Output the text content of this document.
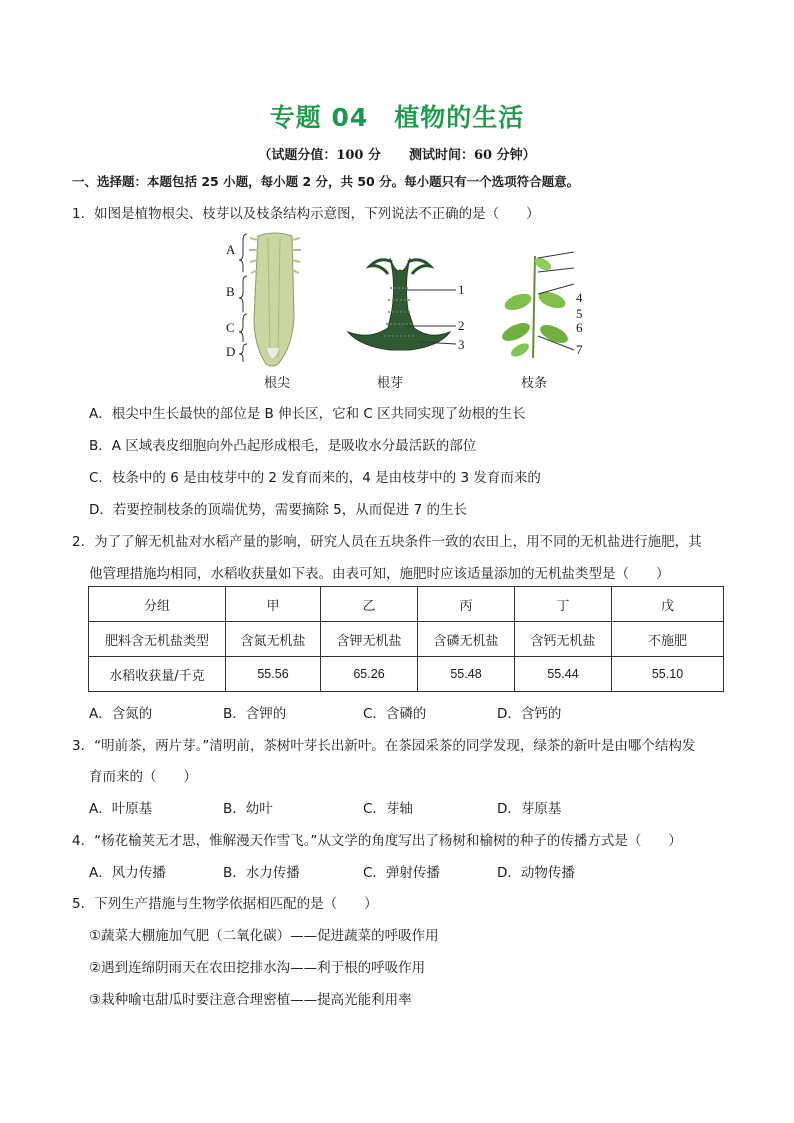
专题 04 植物的生活
（试题分值：100 分 测试时间：60 分钟）
一、选择题：本题包括 25 小题，每小题 2 分，共 50 分。每小题只有一个选项符合题意。
1．如图是植物根尖、枝芽以及枝条结构示意图，下列说法不正确的是（　　）
A
B
C
D
1
2
3
4
5
6
7
根尖	根芽	枝条
A．根尖中生长最快的部位是 B 伸长区，它和 C 区共同实现了幼根的生长
B．A 区域表皮细胞向外凸起形成根毛，是吸收水分最活跃的部位
C．枝条中的 6 是由枝芽中的 2 发育而来的，4 是由枝芽中的 3 发育而来的
D．若要控制枝条的顶端优势，需要摘除 5，从而促进 7 的生长
2．为了了解无机盐对水稻产量的影响，研究人员在五块条件一致的农田上，用不同的无机盐进行施肥，其
他管理措施均相同，水稻收获量如下表。由表可知，施肥时应该适量添加的无机盐类型是（　　）
分组	甲	乙	丙	丁	戊
肥料含无机盐类型	含氮无机盐	含钾无机盐	含磷无机盐	含钙无机盐	不施肥
水稻收获量/千克	55.56	65.26	55.48	55.44	55.10
A．含氮的	B．含钾的	C．含磷的	D．含钙的
3．“明前茶，两片芽。”清明前，茶树叶芽长出新叶。在茶园采茶的同学发现，绿茶的新叶是由哪个结构发
育而来的（　　）
A．叶原基	B．幼叶	C．芽轴	D．芽原基
4．“杨花榆荚无才思，惟解漫天作雪飞。”从文学的角度写出了杨树和榆树的种子的传播方式是（　　）
A．风力传播	B．水力传播	C．弹射传播	D．动物传播
5．下列生产措施与生物学依据相匹配的是（　　）
①蔬菜大棚施加气肥（二氧化碳）——促进蔬菜的呼吸作用
②遇到连绵阴雨天在农田挖排水沟——利于根的呼吸作用
③栽种喻屯甜瓜时要注意合理密植——提高光能利用率
